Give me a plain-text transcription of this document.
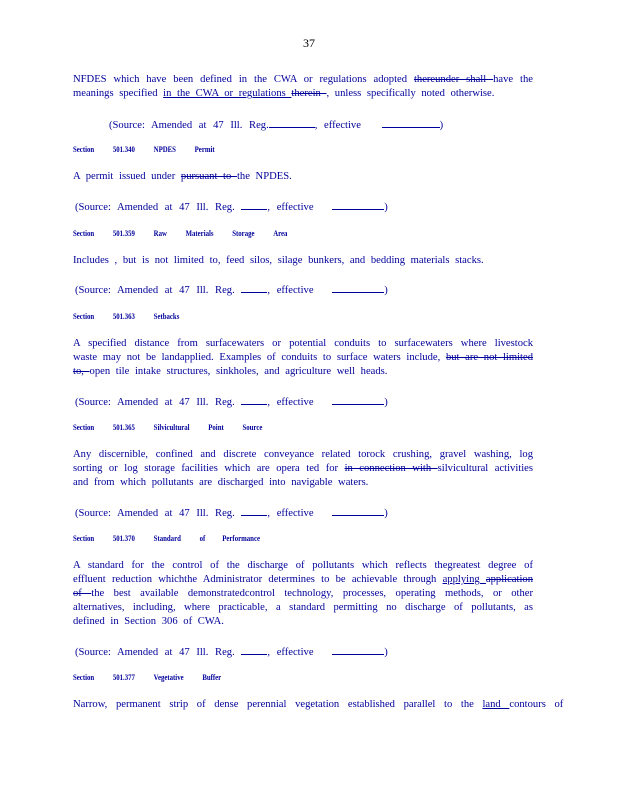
37
NFDES which have been defined in the CWA or regulations adopted thereunder shall have the meanings specified in the CWA or regulations therein , unless specifically noted otherwise.
(Source: Amended at 47 Ill. Reg.	, effective	)
Section 501.340 NPDES Permit
A permit issued under pursuant to the NPDES.
(Source: Amended at 47 Ill. Reg.	, effective	)
Section 501.359 Raw Materials Storage Area
Includes , but is not limited to, feed silos, silage bunkers, and bedding materials stacks.
(Source: Amended at 47 Ill. Reg.	, effective	)
Section 501.363 Setbacks
A specified distance from surfacewaters or potential conduits to surfacewaters where livestock waste may not be landapplied. Examples of conduits to surface waters include, but are not limited to, open tile intake structures, sinkholes, and agriculture well heads.
(Source: Amended at 47 Ill. Reg.	, effective	)
Section 501.365 Silvicultural Point Source
Any discernible, confined and discrete conveyance related torock crushing, gravel washing, log sorting or log storage facilities which are opera ted for in connection with silvicultural activities and from which pollutants are discharged into navigable waters.
(Source: Amended at 47 Ill. Reg.	, effective	)
Section 501.370 Standard of Performance
A standard for the control of the discharge of pollutants which reflects thegreatest degree of effluent reduction whichthe Administrator determines to be achievable through applying application of the best available demonstratedcontrol technology, processes, operating methods, or other alternatives, including, where practicable, a standard permitting no discharge of pollutants, as defined in Section 306 of CWA.
(Source: Amended at 47 Ill. Reg.	, effective	)
Section 501.377 Vegetative Buffer
Narrow, permanent strip of dense perennial vegetation established parallel to the land contours of
